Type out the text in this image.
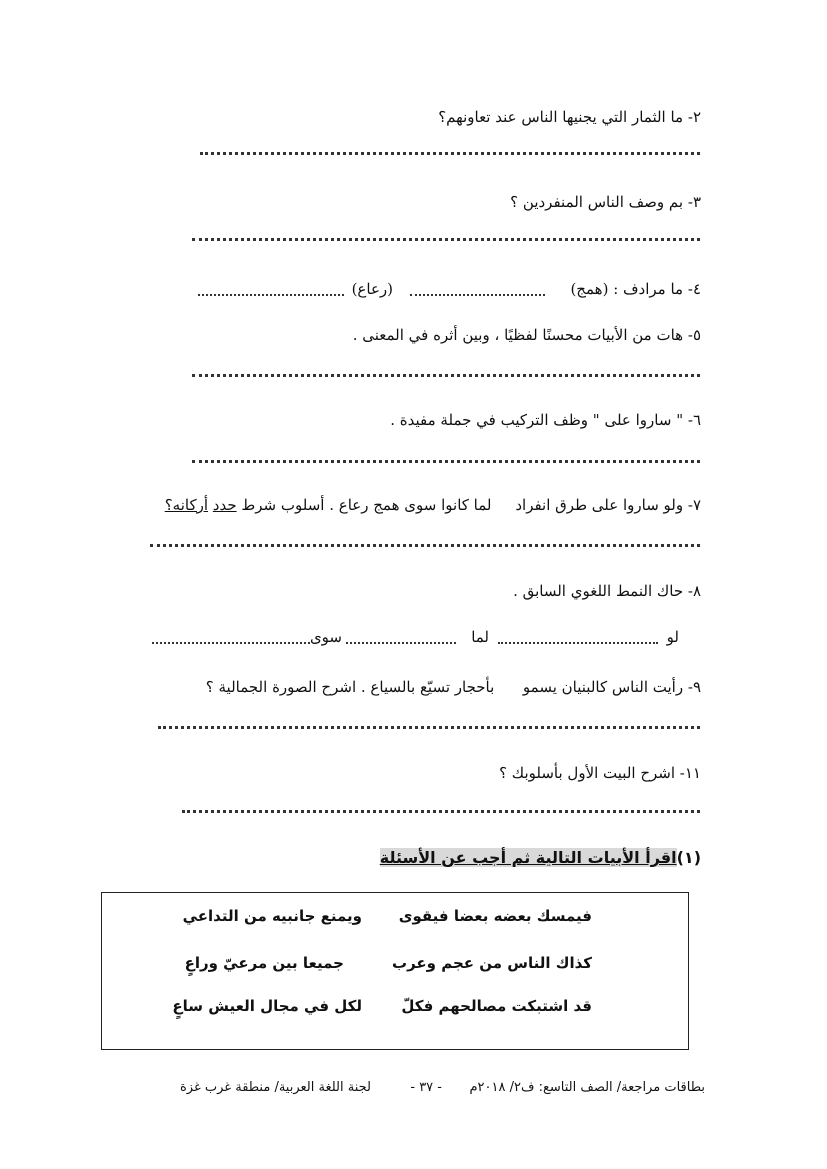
٢- ما الثمار التي يجنيها الناس عند تعاونهم؟
٣- بم وصف الناس المنفردين ؟
٤- ما مرادف : (همج)
(رعاع)
٥- هات من الأبيات محسنًا لفظيًا ، وبين أثره في المعنى .
٦- " ساروا على " وظف التركيب في جملة مفيدة .
٧- ولو ساروا على طرق انفراد     لما كانوا سوى همج رعاع . أسلوب شرط حدد أركانه؟
٨- حاك النمط اللغوي السابق .
لو
لما
سوى
٩- رأيت الناس كالبنيان يسمو      بأحجار تسيّع بالسياع . اشرح الصورة الجمالية ؟
١١- اشرح البيت الأول بأسلوبك ؟
(١)اقرأ الأبيات التالية ثم أجب عن الأسئلة
فيمسك بعضه بعضا فيقوى
ويمنع جانبيه من التداعي
كذاك الناس من عجم وعرب
جميعا بين مرعيّ وراعٍ
قد اشتبكت مصالحهم فكلّ
لكل في مجال العيش ساعٍ
بطاقات مراجعة/ الصف التاسع: ف٢/ ٢٠١٨م
- ٣٧ -
لجنة اللغة العربية/ منطقة غرب غزة
